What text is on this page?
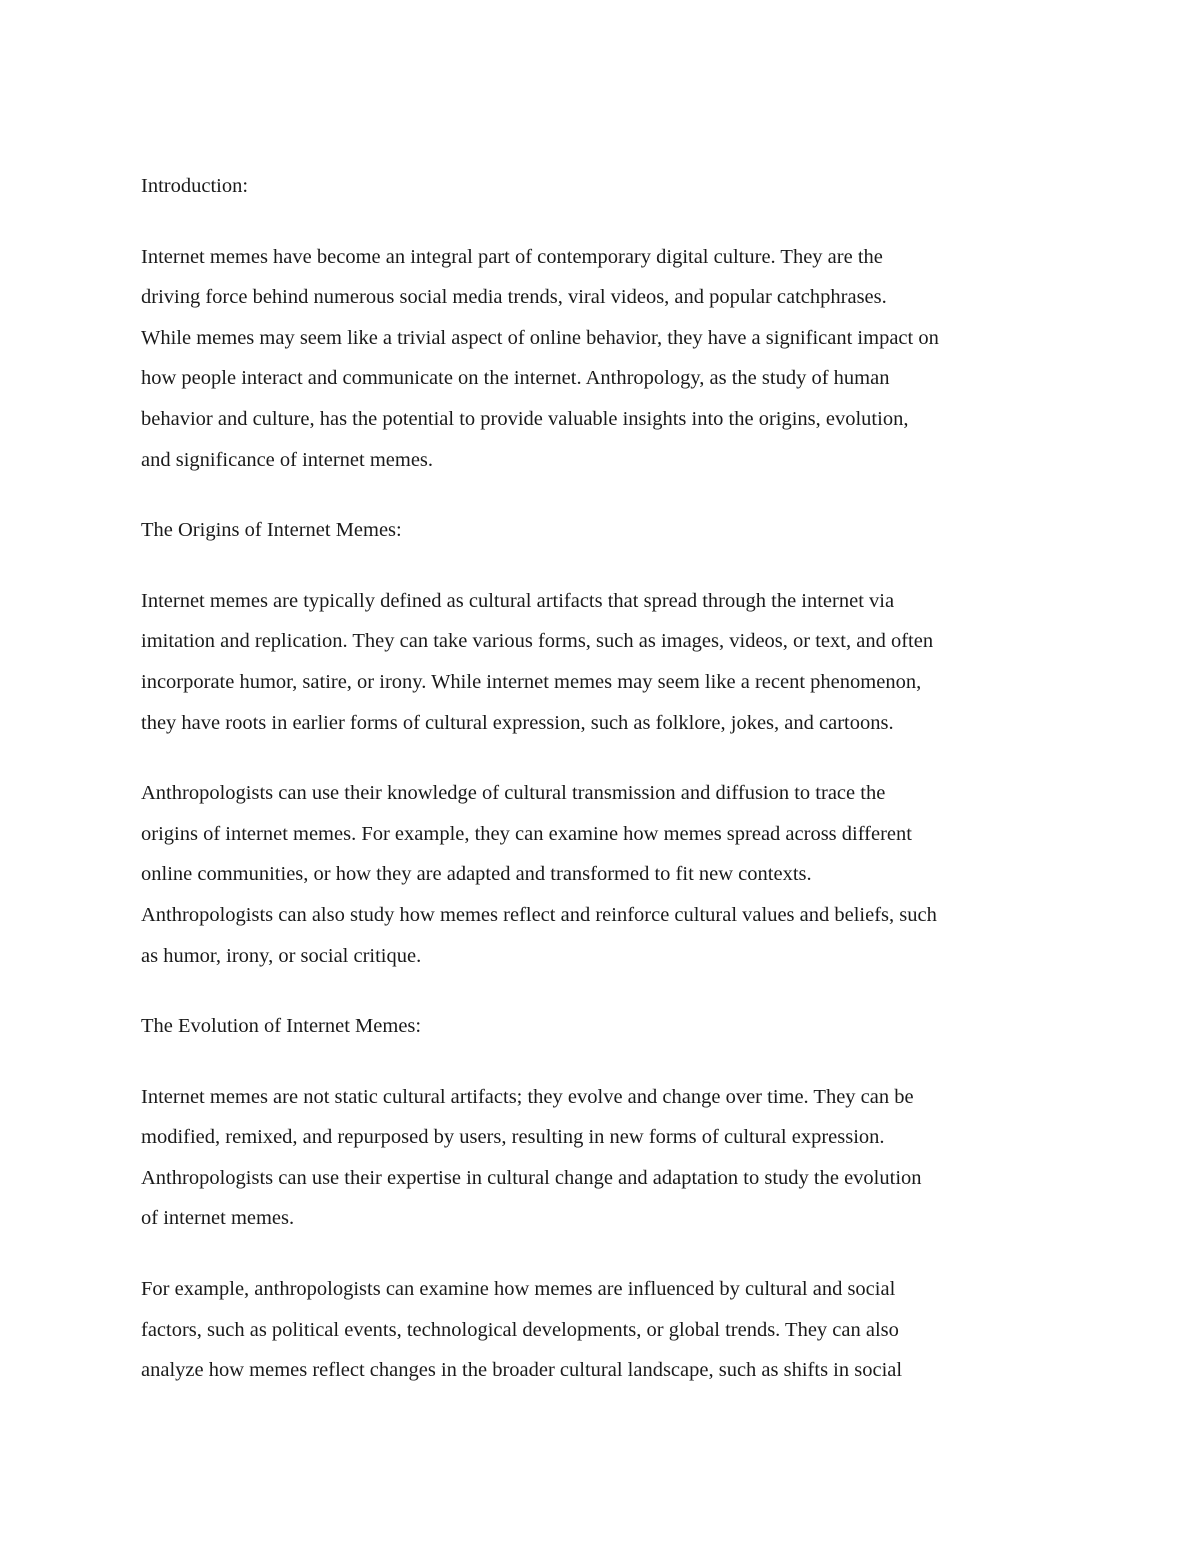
Introduction:
Internet memes have become an integral part of contemporary digital culture. They are the
driving force behind numerous social media trends, viral videos, and popular catchphrases.
While memes may seem like a trivial aspect of online behavior, they have a significant impact on
how people interact and communicate on the internet. Anthropology, as the study of human
behavior and culture, has the potential to provide valuable insights into the origins, evolution,
and significance of internet memes.
The Origins of Internet Memes:
Internet memes are typically defined as cultural artifacts that spread through the internet via
imitation and replication. They can take various forms, such as images, videos, or text, and often
incorporate humor, satire, or irony. While internet memes may seem like a recent phenomenon,
they have roots in earlier forms of cultural expression, such as folklore, jokes, and cartoons.
Anthropologists can use their knowledge of cultural transmission and diffusion to trace the
origins of internet memes. For example, they can examine how memes spread across different
online communities, or how they are adapted and transformed to fit new contexts.
Anthropologists can also study how memes reflect and reinforce cultural values and beliefs, such
as humor, irony, or social critique.
The Evolution of Internet Memes:
Internet memes are not static cultural artifacts; they evolve and change over time. They can be
modified, remixed, and repurposed by users, resulting in new forms of cultural expression.
Anthropologists can use their expertise in cultural change and adaptation to study the evolution
of internet memes.
For example, anthropologists can examine how memes are influenced by cultural and social
factors, such as political events, technological developments, or global trends. They can also
analyze how memes reflect changes in the broader cultural landscape, such as shifts in social
